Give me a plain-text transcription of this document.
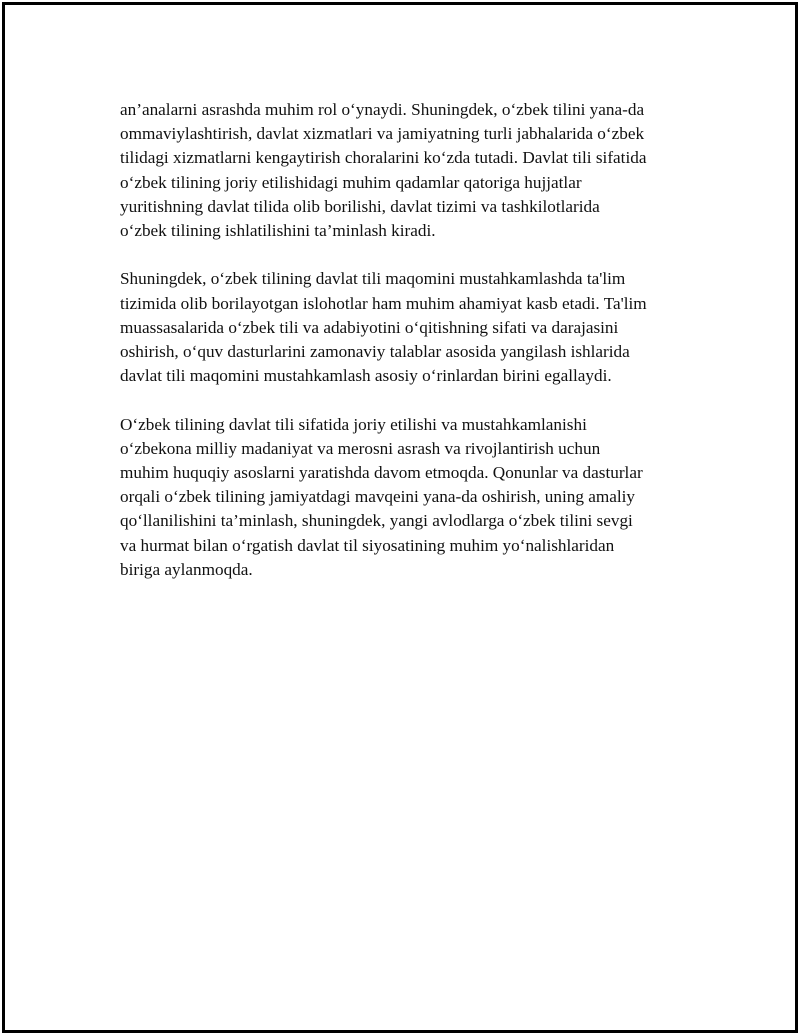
an’analarni asrashda muhim rol o‘ynaydi. Shuningdek, o‘zbek tilini yana-da
ommaviylashtirish, davlat xizmatlari va jamiyatning turli jabhalarida o‘zbek
tilidagi xizmatlarni kengaytirish choralarini ko‘zda tutadi. Davlat tili sifatida
o‘zbek tilining joriy etilishidagi muhim qadamlar qatoriga hujjatlar
yuritishning davlat tilida olib borilishi, davlat tizimi va tashkilotlarida
o‘zbek tilining ishlatilishini ta’minlash kiradi.

Shuningdek, o‘zbek tilining davlat tili maqomini mustahkamlashda ta'lim
tizimida olib borilayotgan islohotlar ham muhim ahamiyat kasb etadi. Ta'lim
muassasalarida o‘zbek tili va adabiyotini o‘qitishning sifati va darajasini
oshirish, o‘quv dasturlarini zamonaviy talablar asosida yangilash ishlarida
davlat tili maqomini mustahkamlash asosiy o‘rinlardan birini egallaydi.

O‘zbek tilining davlat tili sifatida joriy etilishi va mustahkamlanishi
o‘zbekona milliy madaniyat va merosni asrash va rivojlantirish uchun
muhim huquqiy asoslarni yaratishda davom etmoqda. Qonunlar va dasturlar
orqali o‘zbek tilining jamiyatdagi mavqeini yana-da oshirish, uning amaliy
qo‘llanilishini ta’minlash, shuningdek, yangi avlodlarga o‘zbek tilini sevgi
va hurmat bilan o‘rgatish davlat til siyosatining muhim yo‘nalishlaridan
biriga aylanmoqda.
